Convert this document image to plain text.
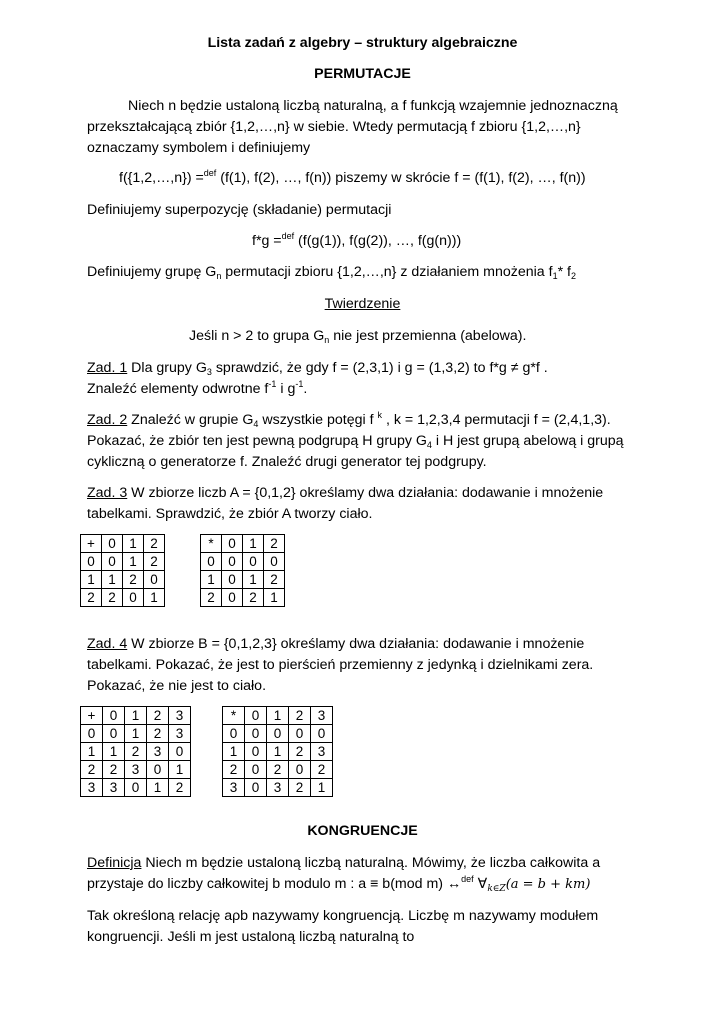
Lista zadań z algebry – struktury algebraiczne
PERMUTACJE
Niech n będzie ustaloną liczbą naturalną, a f funkcją wzajemnie jednoznaczną
przekształcającą zbiór {1,2,…,n} w siebie. Wtedy permutacją f zbioru {1,2,…,n}
oznaczamy symbolem i definiujemy
f({1,2,…,n}) =$^{def}$ (f(1), f(2), …, f(n)) piszemy w skrócie f = (f(1), f(2), …, f(n))
Definiujemy superpozycję (składanie) permutacji
f*g =$^{def}$ (f(g(1)), f(g(2)), …, f(g(n)))
Definiujemy grupę $G_n$ permutacji zbioru {1,2,…,n} z działaniem mnożenia $f_1*$ $f_2$
Twierdzenie
Jeśli n > 2 to grupa $G_n$ nie jest przemienna (abelowa).
Zad. 1 Dla grupy $G_3$ sprawdzić, że gdy f = (2,3,1) i g = (1,3,2) to f*g ≠ g*f .
Znaleźć elementy odwrotne $f^{-1}$ i $g^{-1}$.
Zad. 2 Znaleźć w grupie $G_4$ wszystkie potęgi f $^k$ , k = 1,2,3,4 permutacji f = (2,4,1,3).
Pokazać, że zbiór ten jest pewną podgrupą H grupy $G_4$ i H jest grupą abelową i grupą
cykliczną o generatorze f. Znaleźć drugi generator tej podgrupy.
Zad. 3 W zbiorze liczb A = {0,1,2} określamy dwa działania: dodawanie i mnożenie
tabelkami. Sprawdzić, że zbiór A tworzy ciało.
+	0	1	2
0	0	1	2
1	1	2	0
2	2	0	1
*	0	1	2
0	0	0	0
1	0	1	2
2	0	2	1
Zad. 4 W zbiorze B = {0,1,2,3} określamy dwa działania: dodawanie i mnożenie
tabelkami. Pokazać, że jest to pierścień przemienny z jedynką i dzielnikami zera.
Pokazać, że nie jest to ciało.
+	0	1	2	3
0	0	1	2	3
1	1	2	3	0
2	2	3	0	1
3	3	0	1	2
*	0	1	2	3
0	0	0	0	0
1	0	1	2	3
2	0	2	0	2
3	0	3	2	1
KONGRUENCJE
Definicja Niech m będzie ustaloną liczbą naturalną. Mówimy, że liczba całkowita a
przystaje do liczby całkowitej b modulo m : a ≡ b(mod m) ↔$^{def}$ $\forall_{k\in Z}(a = b + km)$
Tak określoną relację aρb nazywamy kongruencją. Liczbę m nazywamy modułem
kongruencji. Jeśli m jest ustaloną liczbą naturalną to
